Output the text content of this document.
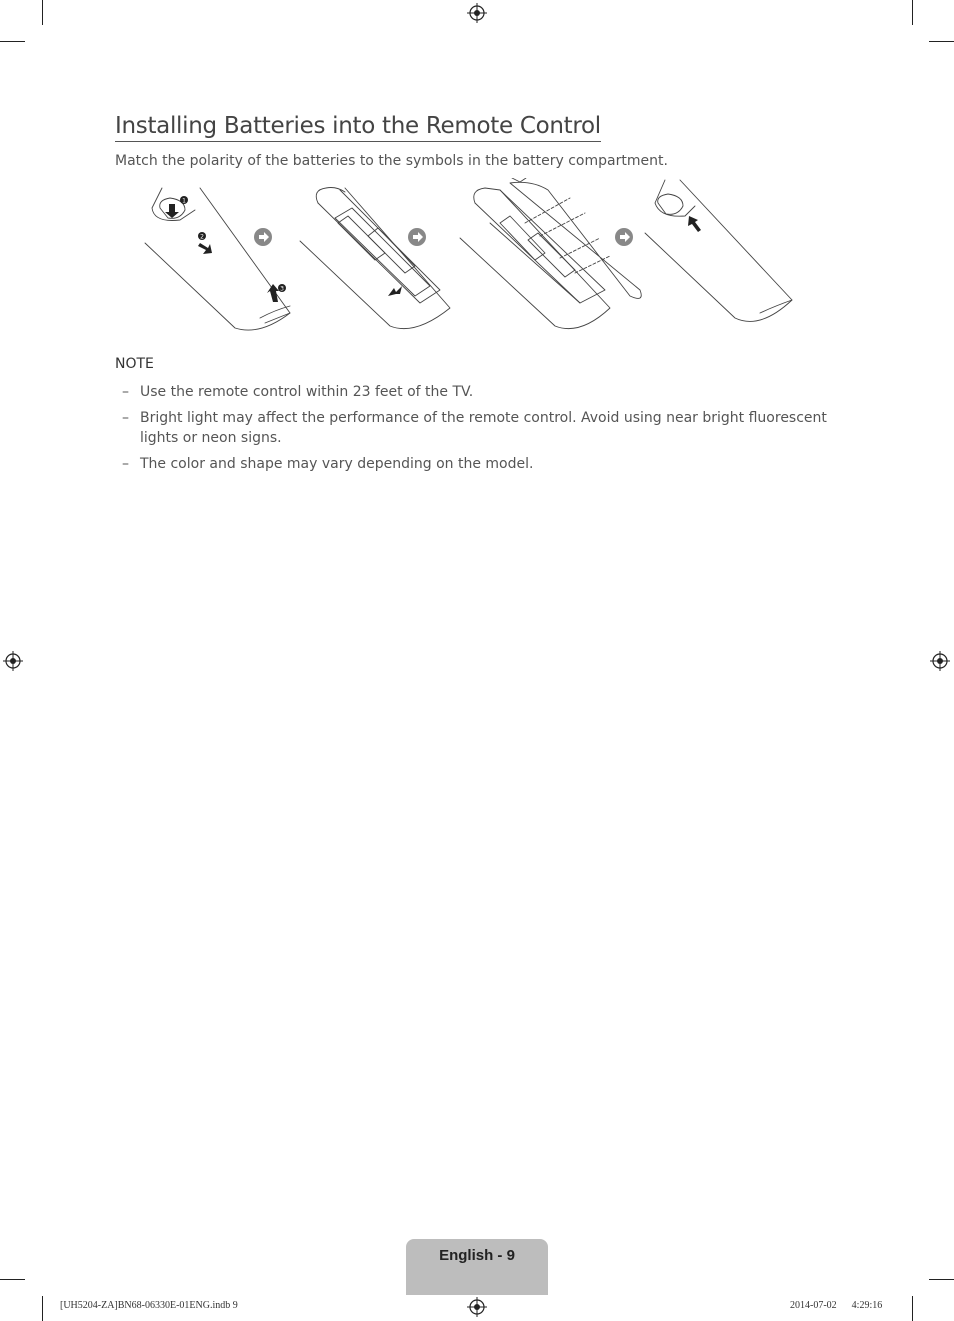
Installing Batteries into the Remote Control
Match the polarity of the batteries to the symbols in the battery compartment.
1
2
3
NOTE
– Use the remote control within 23 feet of the TV.
– Bright light may affect the performance of the remote control. Avoid using near bright fluorescent lights or neon signs.
– The color and shape may vary depending on the model.
English - 9
[UH5204-ZA]BN68-06330E-01ENG.indb 9	2014-07-02   4:29:16
